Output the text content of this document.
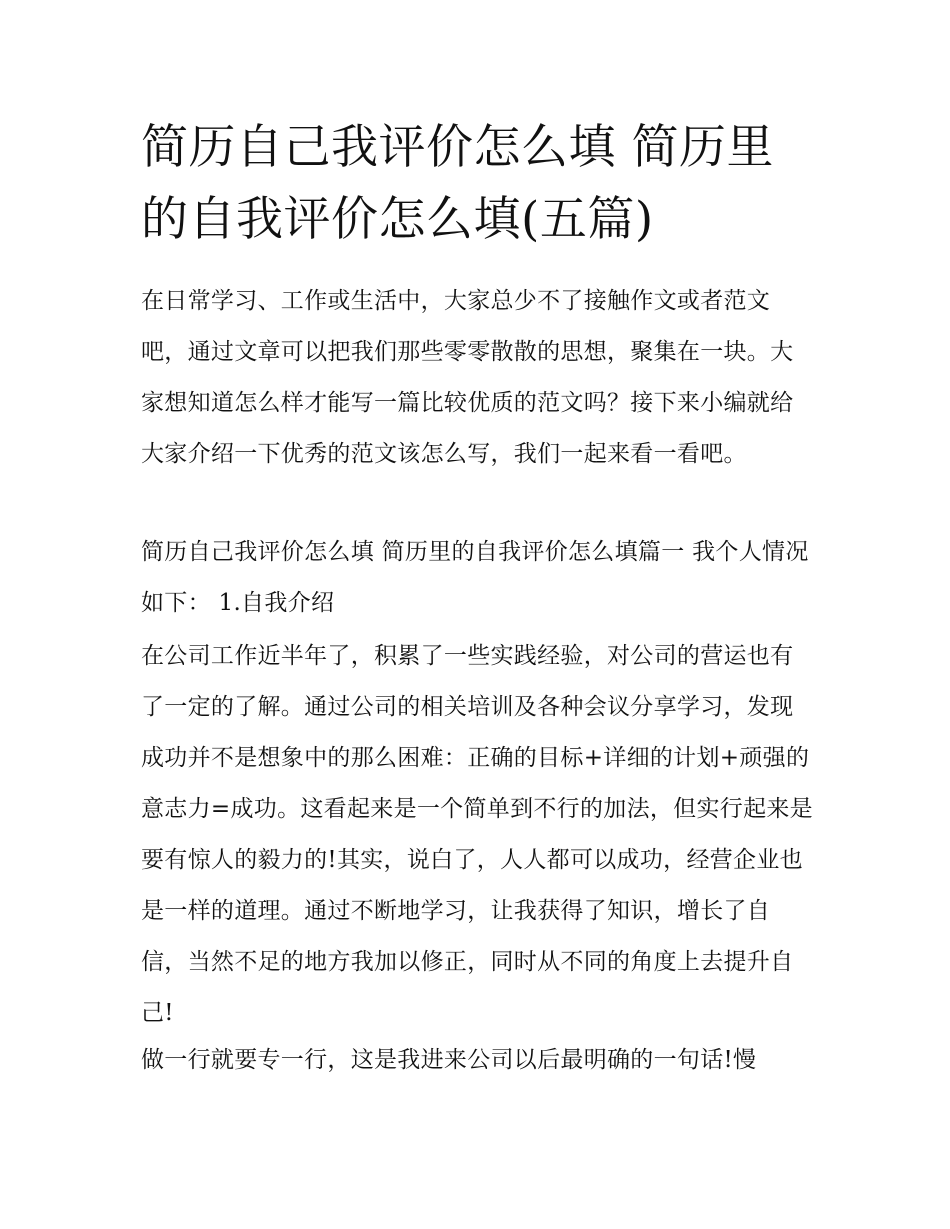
简历自己我评价怎么填 简历里的自我评价怎么填(五篇)

在日常学习、工作或生活中，大家总少不了接触作文或者范文吧，通过文章可以把我们那些零零散散的思想，聚集在一块。大家想知道怎么样才能写一篇比较优质的范文吗？接下来小编就给大家介绍一下优秀的范文该怎么写，我们一起来看一看吧。

简历自己我评价怎么填 简历里的自我评价怎么填篇一 我个人情况如下： 1.自我介绍

在公司工作近半年了，积累了一些实践经验，对公司的营运也有了一定的了解。通过公司的相关培训及各种会议分享学习，发现成功并不是想象中的那么困难：正确的目标+详细的计划+顽强的意志力=成功。这看起来是一个简单到不行的加法，但实行起来是要有惊人的毅力的!其实，说白了，人人都可以成功，经营企业也是一样的道理。通过不断地学习，让我获得了知识，增长了自信，当然不足的地方我加以修正，同时从不同的角度上去提升自己!

做一行就要专一行，这是我进来公司以后最明确的一句话!慢
